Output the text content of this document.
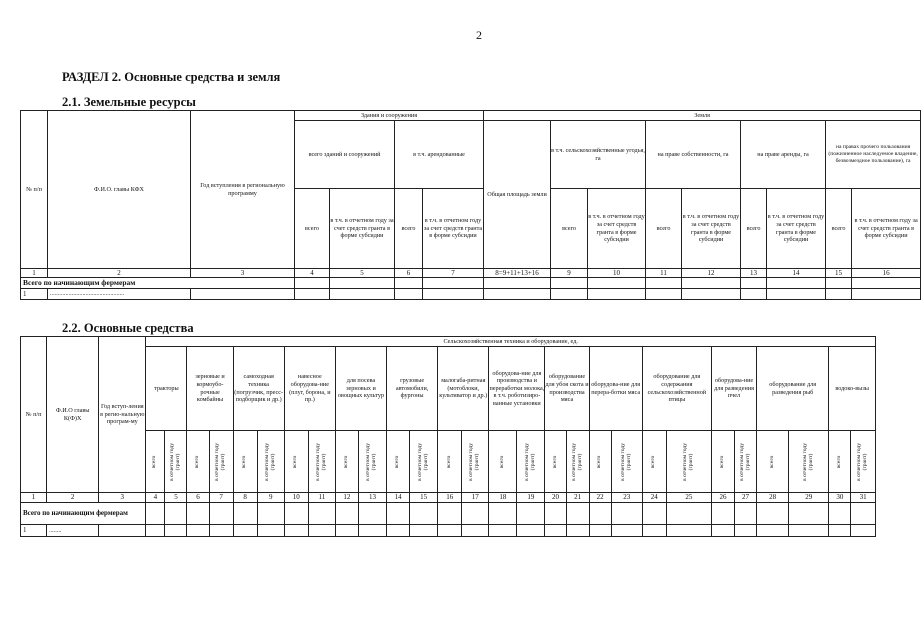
2
РАЗДЕЛ 2. Основные средства и земля
2.1. Земельные ресурсы
№ п/п	Ф.И.О. главы КФХ	Год вступления в региональную программу	Здания и сооружения				Земля								
			всего зданий и сооружений		в т.ч. арендованные		Общая площадь земли	в т.ч. сельскохозяйственные угодья, га		на праве собственности, га		на праве аренды, га		на правах прочего пользования (пожизненное наследуемое владение, безвозмездное пользование), га	
			всего	в т.ч. в отчетном году за счет средств гранта в форме субсидии	всего	в т.ч. в отчетном году за счет средств гранта в форме субсидии		всего	в т.ч. в отчетном году за счет средств гранта в форме субсидии	всего	в т.ч. в отчетном году за счет средств гранта в форме субсидии	всего	в т.ч. в отчетном году за счет средств гранта в форме субсидии	всего	в т.ч. в отчетном году за счет средств гранта в форме субсидии
1	2	3	4	5	6	7	8=9+11+13+16	9	10	11	12	13	14	15	16
Всего по начинающим фермерам															
1	................................................														
2.2. Основные средства
№ п/п	Ф.И.О главы К(Ф)Х	Год вступ-ления в регио-нальную програм-му	Сельскохозяйственная техника и оборудование, ед.																											
			тракторы		зерновые и кормоубо-рочные комбайны		самоходная техника (погрузчик, пресс-подборщик и др.)		навесное оборудова-ние (плуг, борона, и пр.)		для посева зерновых и овощных культур		грузовые автомобили, фургоны		малогаба-ритная (мотоблоки, культиватор и др.)		оборудова-ние для производства и переработки молока, в т.ч. роботизиро-ванные установки		оборудование для убоя скота и производства мяса		оборудова-ние для перера-ботки мяса		оборудование для содержания сельскохозяйственной птицы		оборудова-ние для разведения пчел		оборудование для разведения рыб		водоко-вызы	

			всего	в отчетном году (грант)	всего	в отчетном году (грант)	всего	в отчетном году (грант)	всего	в отчетном году (грант)	всего	в отчетном году (грант)	всего	в отчетном году (грант)	всего	в отчетном году (грант)	всего	в отчетном году (грант)	всего	в отчетном году (грант)	всего	в отчетном году (грант)	всего	в отчетном году (грант)	всего	в отчетном году (грант)	всего	в отчетном году (грант)	всего	в отчетном году (грант)

1	2	3	4	5	6	7	8	9	10	11	12	13	14	15	16	17	18	19	20	21	22	23	24	25	26	27	28	29	30	31
Всего по начинающим фермерам																														
1	........																													
